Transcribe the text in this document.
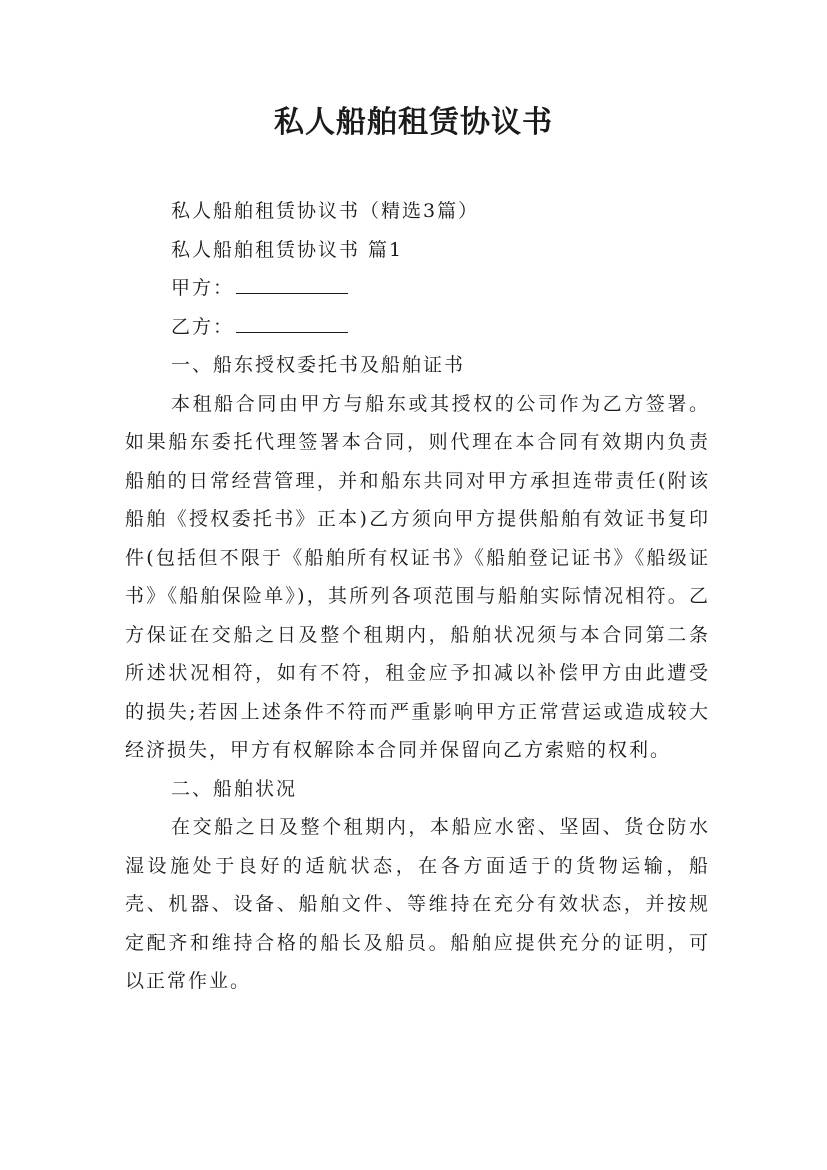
私人船舶租赁协议书

私人船舶租赁协议书（精选3篇）

私人船舶租赁协议书 篇1

甲方：

乙方：

一、船东授权委托书及船舶证书

本租船合同由甲方与船东或其授权的公司作为乙方签署。如果船东委托代理签署本合同，则代理在本合同有效期内负责船舶的日常经营管理，并和船东共同对甲方承担连带责任(附该船舶《授权委托书》正本)乙方须向甲方提供船舶有效证书复印件(包括但不限于《船舶所有权证书》《船舶登记证书》《船级证书》《船舶保险单》)，其所列各项范围与船舶实际情况相符。乙方保证在交船之日及整个租期内，船舶状况须与本合同第二条所述状况相符，如有不符，租金应予扣减以补偿甲方由此遭受的损失;若因上述条件不符而严重影响甲方正常营运或造成较大经济损失，甲方有权解除本合同并保留向乙方索赔的权利。

二、船舶状况

在交船之日及整个租期内，本船应水密、坚固、货仓防水湿设施处于良好的适航状态，在各方面适于的货物运输，船壳、机器、设备、船舶文件、等维持在充分有效状态，并按规定配齐和维持合格的船长及船员。船舶应提供充分的证明，可以正常作业。
